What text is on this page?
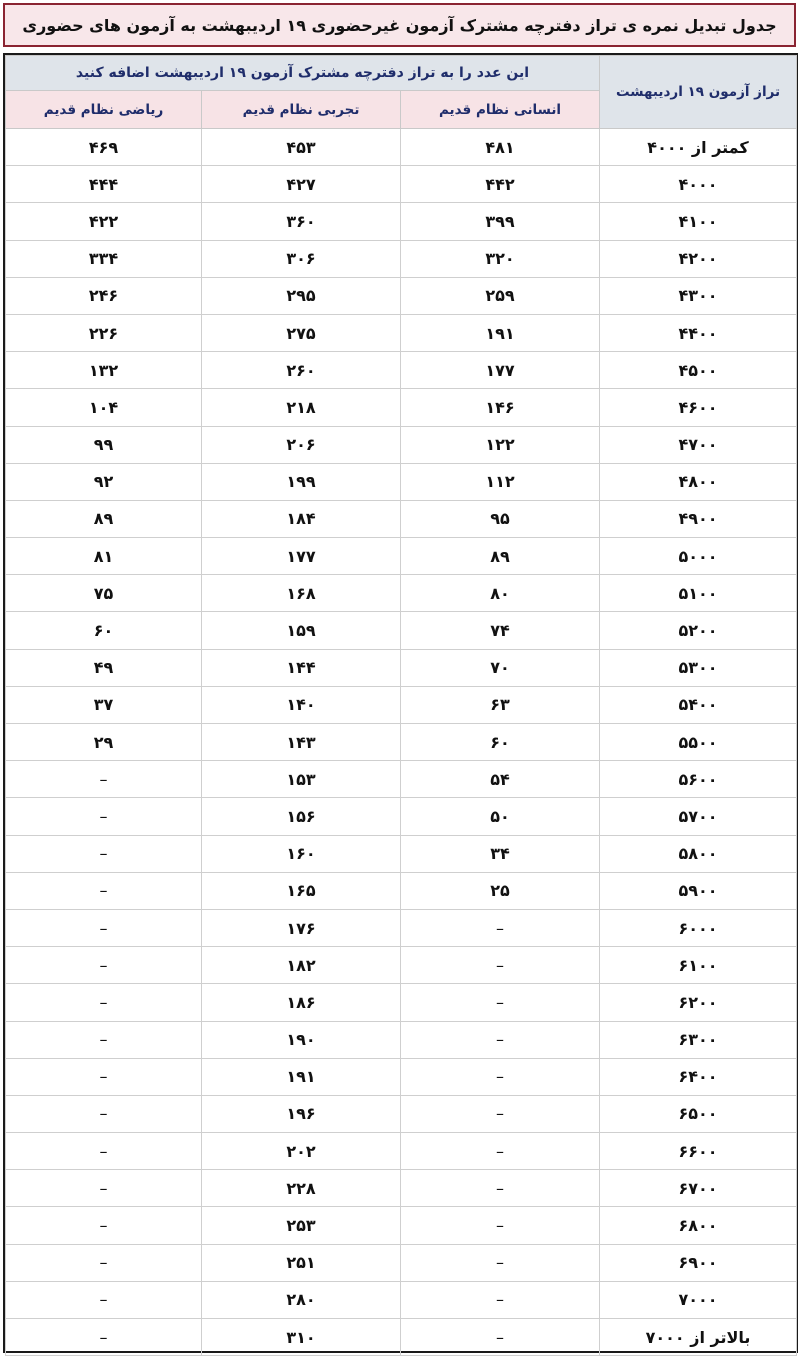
جدول تبدیل نمره ی تراز دفترچه مشترک آزمون غیرحضوری ۱۹ اردیبهشت به آزمون های حضوری
تراز آزمون ۱۹ اردیبهشت	این عدد را به تراز دفترچه مشترک آزمون ۱۹ اردیبهشت اضافه کنید		
	انسانی نظام قدیم	تجربی نظام قدیم	ریاضی نظام قدیم
کمتر از ۴۰۰۰	۴۸۱	۴۵۳	۴۶۹
۴۰۰۰	۴۴۲	۴۲۷	۴۴۴
۴۱۰۰	۳۹۹	۳۶۰	۴۲۲
۴۲۰۰	۳۲۰	۳۰۶	۳۳۴
۴۳۰۰	۲۵۹	۲۹۵	۲۴۶
۴۴۰۰	۱۹۱	۲۷۵	۲۲۶
۴۵۰۰	۱۷۷	۲۶۰	۱۳۲
۴۶۰۰	۱۴۶	۲۱۸	۱۰۴
۴۷۰۰	۱۲۲	۲۰۶	۹۹
۴۸۰۰	۱۱۲	۱۹۹	۹۲
۴۹۰۰	۹۵	۱۸۴	۸۹
۵۰۰۰	۸۹	۱۷۷	۸۱
۵۱۰۰	۸۰	۱۶۸	۷۵
۵۲۰۰	۷۴	۱۵۹	۶۰
۵۳۰۰	۷۰	۱۴۴	۴۹
۵۴۰۰	۶۳	۱۴۰	۳۷
۵۵۰۰	۶۰	۱۴۳	۲۹
۵۶۰۰	۵۴	۱۵۳	–
۵۷۰۰	۵۰	۱۵۶	–
۵۸۰۰	۳۴	۱۶۰	–
۵۹۰۰	۲۵	۱۶۵	–
۶۰۰۰	–	۱۷۶	–
۶۱۰۰	–	۱۸۲	–
۶۲۰۰	–	۱۸۶	–
۶۳۰۰	–	۱۹۰	–
۶۴۰۰	–	۱۹۱	–
۶۵۰۰	–	۱۹۶	–
۶۶۰۰	–	۲۰۲	–
۶۷۰۰	–	۲۲۸	–
۶۸۰۰	–	۲۵۳	–
۶۹۰۰	–	۲۵۱	–
۷۰۰۰	–	۲۸۰	–
بالاتر از ۷۰۰۰	–	۳۱۰	–
